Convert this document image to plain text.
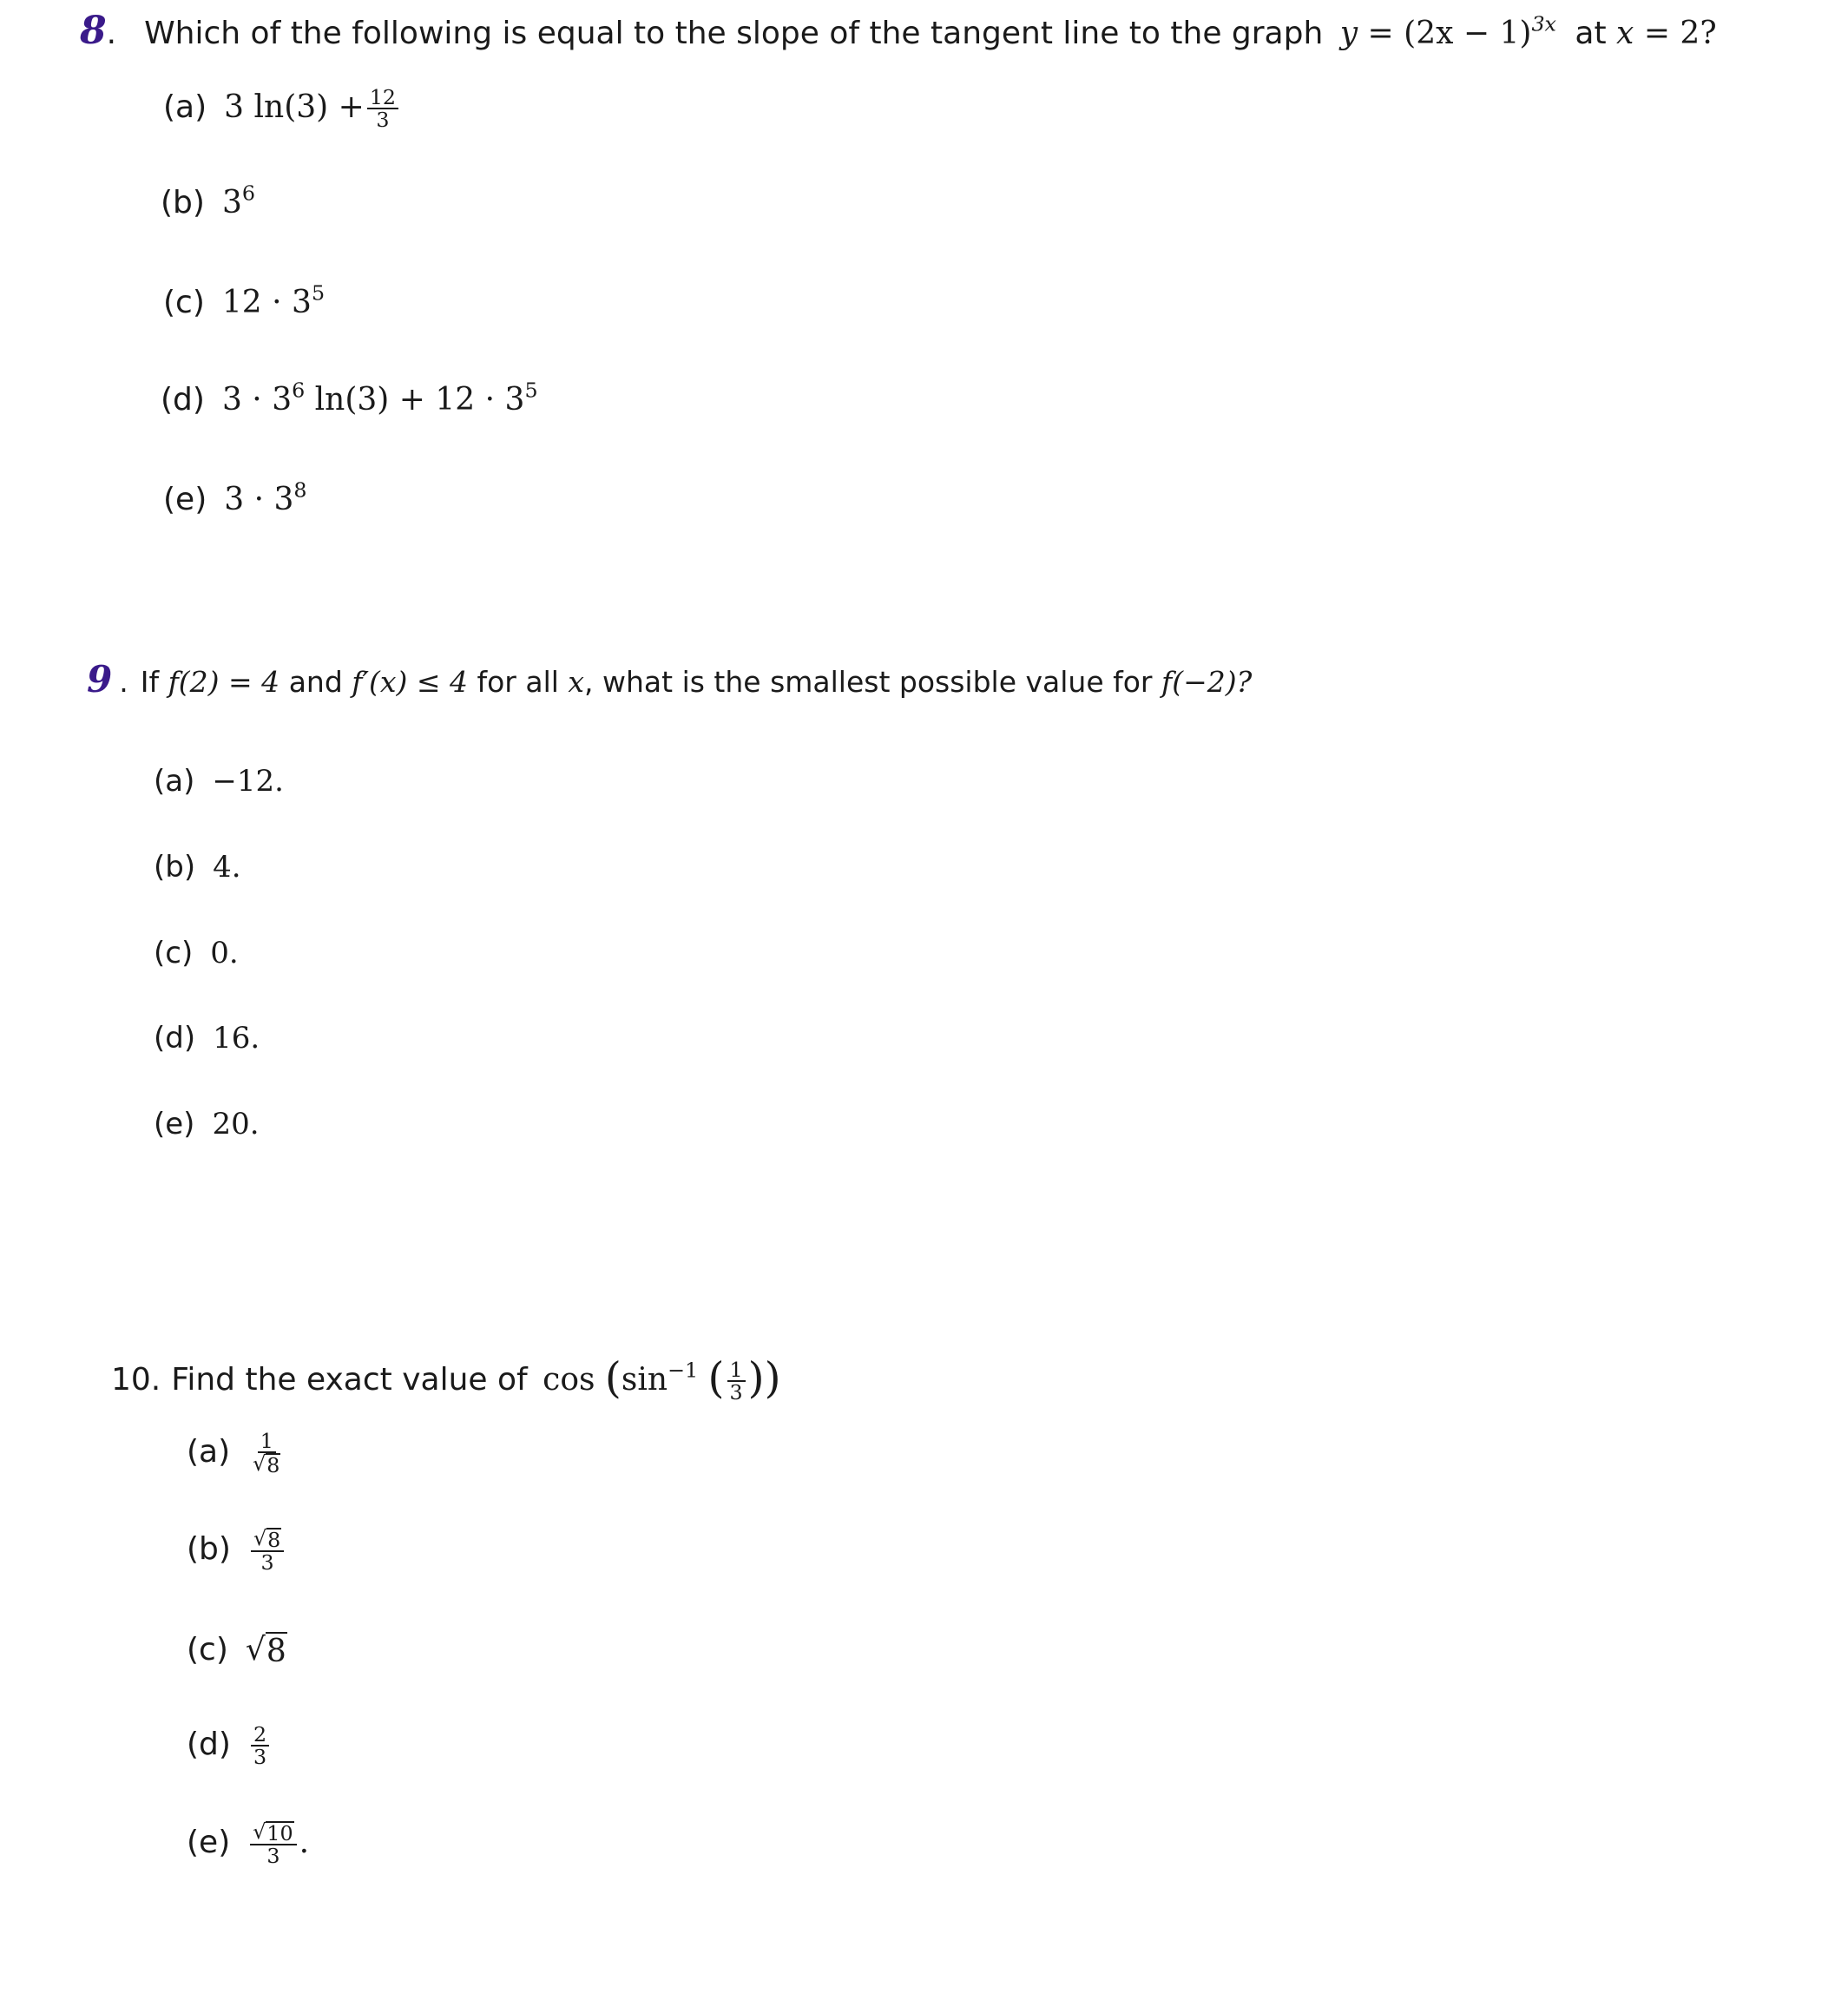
8. Which of the following is equal to the slope of the tangent line to the graph $y = (2x - 1)^{3x}$ at x = 2?
(a) 3 $\ln(3) + \frac{12}{3}$
(b) $3^6$
(c) $12 \cdot 3^5$
(d) $3 \cdot 3^6$ $\ln(3) + 12 \cdot 3^5$
(e) $3 \cdot 3^8$
9 . If f(2) = 4 and f′(x) ≤ 4 for all x, what is the smallest possible value for f(−2)?
(a) −12.
(b) 4.
(c) 0.
(d) 16.
(e) 20.
10. Find the exact value of $\cos (\sin^{-1}$ ( $\frac{1}{3}$ ))
$(a) \frac{1}{√ 8}$
$(b) \frac{√ 8}{3}$
(c) √ 8
$(d) \frac{2}{3}$
$(e) \frac{√ 10}{3}$ .
